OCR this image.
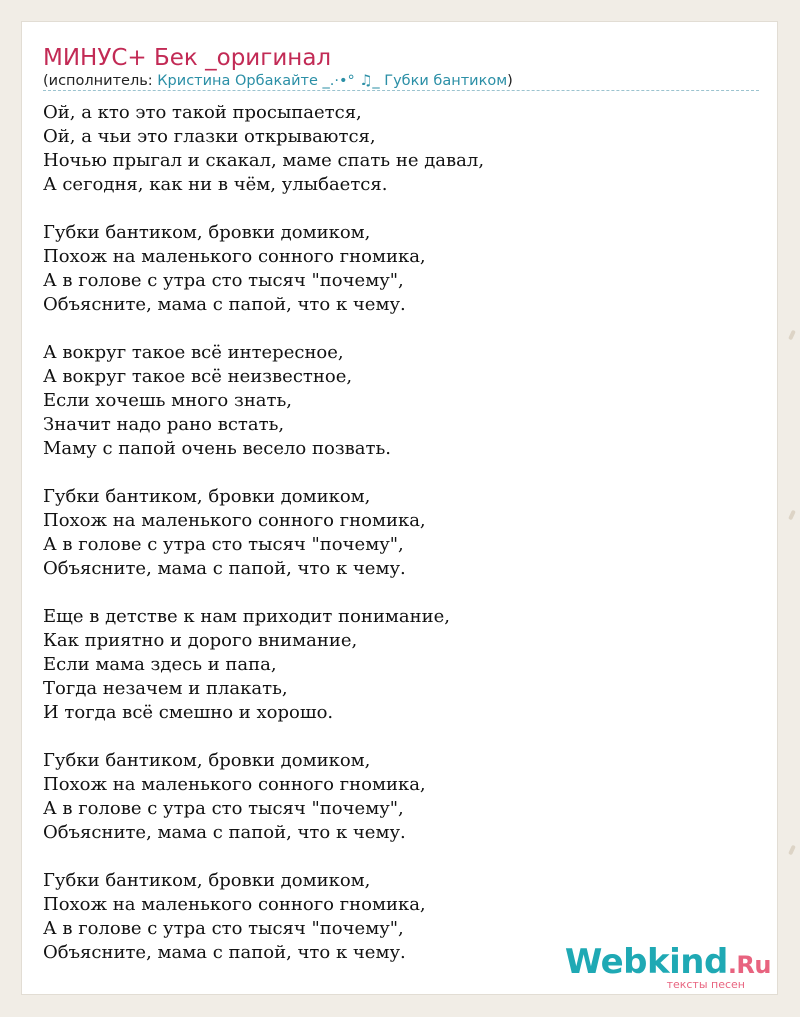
МИНУС+ Бек _оригинал
(исполнитель: Кристина Орбакайте _.·•° ♫_ Губки бантиком)

Ой, а кто это такой просыпается,
Ой, а чьи это глазки открываются,
Ночью прыгал и скакал, маме спать не давал,
А сегодня, как ни в чём, улыбается.

Губки бантиком, бровки домиком,
Похож на маленького сонного гномика,
А в голове с утра сто тысяч "почему",
Объясните, мама с папой, что к чему.

А вокруг такое всё интересное,
А вокруг такое всё неизвестное,
Если хочешь много знать,
Значит надо рано встать,
Маму с папой очень весело позвать.

Губки бантиком, бровки домиком,
Похож на маленького сонного гномика,
А в голове с утра сто тысяч "почему",
Объясните, мама с папой, что к чему.

Еще в детстве к нам приходит понимание,
Как приятно и дорого внимание,
Если мама здесь и папа,
Тогда незачем и плакать,
И тогда всё смешно и хорошо.

Губки бантиком, бровки домиком,
Похож на маленького сонного гномика,
А в голове с утра сто тысяч "почему",
Объясните, мама с папой, что к чему.

Губки бантиком, бровки домиком,
Похож на маленького сонного гномика,
А в голове с утра сто тысяч "почему",
Объясните, мама с папой, что к чему.	Webkind.Ru
тексты песен
